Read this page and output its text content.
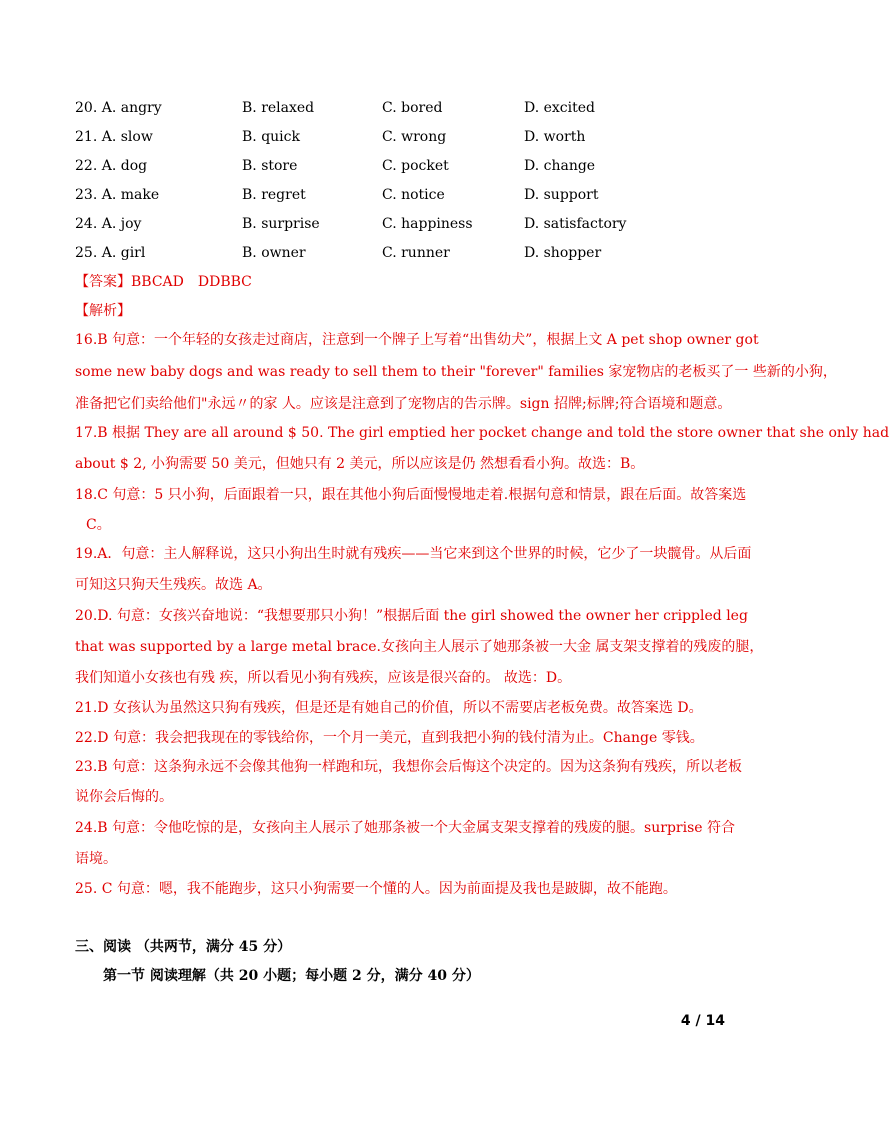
20. A. angry	B. relaxed	C. bored	D. excited
21. A. slow	B. quick	C. wrong	D. worth
22. A. dog	B. store	C. pocket	D. change
23. A. make	B. regret	C. notice	D. support
24. A. joy	B. surprise	C. happiness	D. satisfactory
25. A. girl	B. owner	C. runner	D. shopper
【答案】BBCAD　DDBBC
【解析】
16.B 句意：一个年轻的女孩走过商店，注意到一个牌子上写着“出售幼犬”，根据上文 A pet shop owner got
some new baby dogs and was ready to sell them to their "forever" families 家宠物店的老板买了一 些新的小狗，
准备把它们卖给他们"永远〃的家 人。应该是注意到了宠物店的告示牌。sign 招牌;标牌;符合语境和题意。
17.B 根据 They are all around $ 50. The girl emptied her pocket change and told the store owner that she only had
about $ 2, 小狗需要 50 美元，但她只有 2 美元，所以应该是仍 然想看看小狗。故选：B。
18.C 句意：5 只小狗，后面跟着一只，跟在其他小狗后面慢慢地走着.根据句意和情景，跟在后面。故答案选
C。
19.A．句意：主人解释说，这只小狗出生时就有残疾——当它来到这个世界的时候，它少了一块髋骨。从后面
可知这只狗天生残疾。故选 A。
20.D. 句意：女孩兴奋地说：“我想要那只小狗！”根据后面 the girl showed the owner her crippled leg
that was supported by a large metal brace.女孩向主人展示了她那条被一大金 属支架支撑着的残废的腿，
我们知道小女孩也有残 疾，所以看见小狗有残疾，应该是很兴奋的。 故选：D。
21.D 女孩认为虽然这只狗有残疾，但是还是有她自己的价值，所以不需要店老板免费。故答案选 D。
22.D 句意：我会把我现在的零钱给你，一个月一美元，直到我把小狗的钱付清为止。Change 零钱。
23.B 句意：这条狗永远不会像其他狗一样跑和玩，我想你会后悔这个决定的。因为这条狗有残疾，所以老板
说你会后悔的。
24.B 句意：令他吃惊的是，女孩向主人展示了她那条被一个大金属支架支撑着的残废的腿。surprise 符合
语境。
25. C 句意：嗯，我不能跑步，这只小狗需要一个懂的人。因为前面提及我也是跛脚，故不能跑。
三、阅读 （共两节，满分 45 分）
第一节 阅读理解（共 20 小题；每小题 2 分，满分 40 分）
4 / 14
